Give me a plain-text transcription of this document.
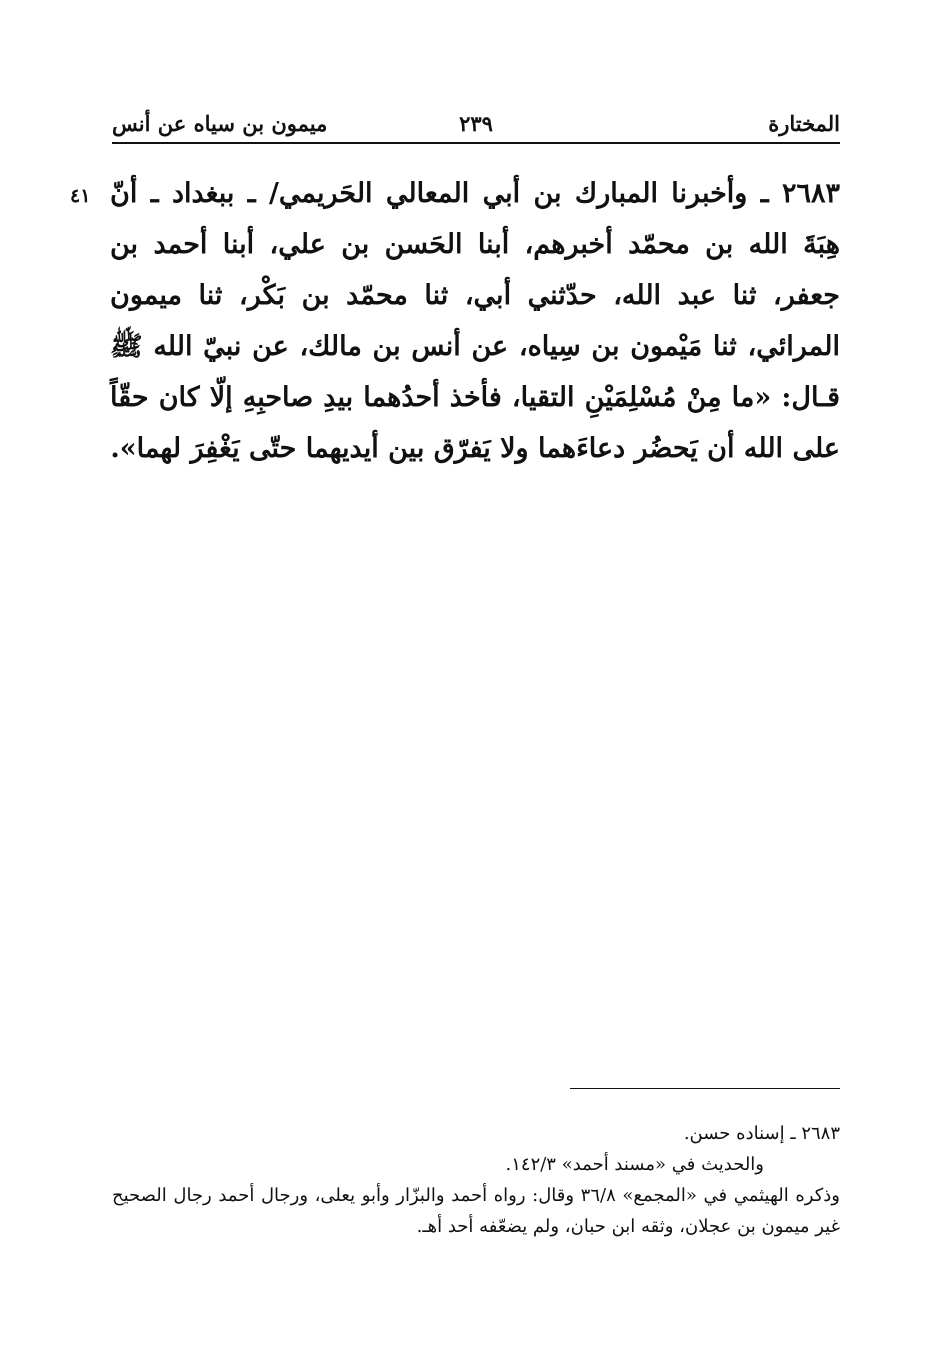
المختارة
٢٣٩
ميمون بن سياه عن أنس
٤١	٢٦٨٣ ـ وأخبرنا المبارك بن أبي المعالي الحَريمي/ ـ ببغداد ـ أنّ هِبَةَ الله بن محمّد أخبرهم، أبنا الحَسن بن علي، أبنا أحمد بن جعفر، ثنا عبد الله، حدّثني أبي، ثنا محمّد بن بَكْر، ثنا ميمون المرائي، ثنا مَيْمون بن سِياه، عن أنس بن مالك، عن نبيّ الله ﷺ قـال: «ما مِنْ مُسْلِمَيْنِ التقيا، فأخذ أحدُهما بيدِ صاحبِهِ إلّا كان حقّاً على الله أن يَحضُر دعاءَهما ولا يَفرّق بين أيديهما حتّى يَغْفِرَ لهما».

٢٦٨٣ ـ إسناده حسن.

والحديث في «مسند أحمد» ١٤٢/٣.

وذكره الهيثمي في «المجمع» ٣٦/٨ وقال: رواه أحمد والبزّار وأبو يعلى، ورجال أحمد رجال الصحيح غير ميمون بن عجلان، وثقه ابن حبان، ولم يضعّفه أحد أهـ.
